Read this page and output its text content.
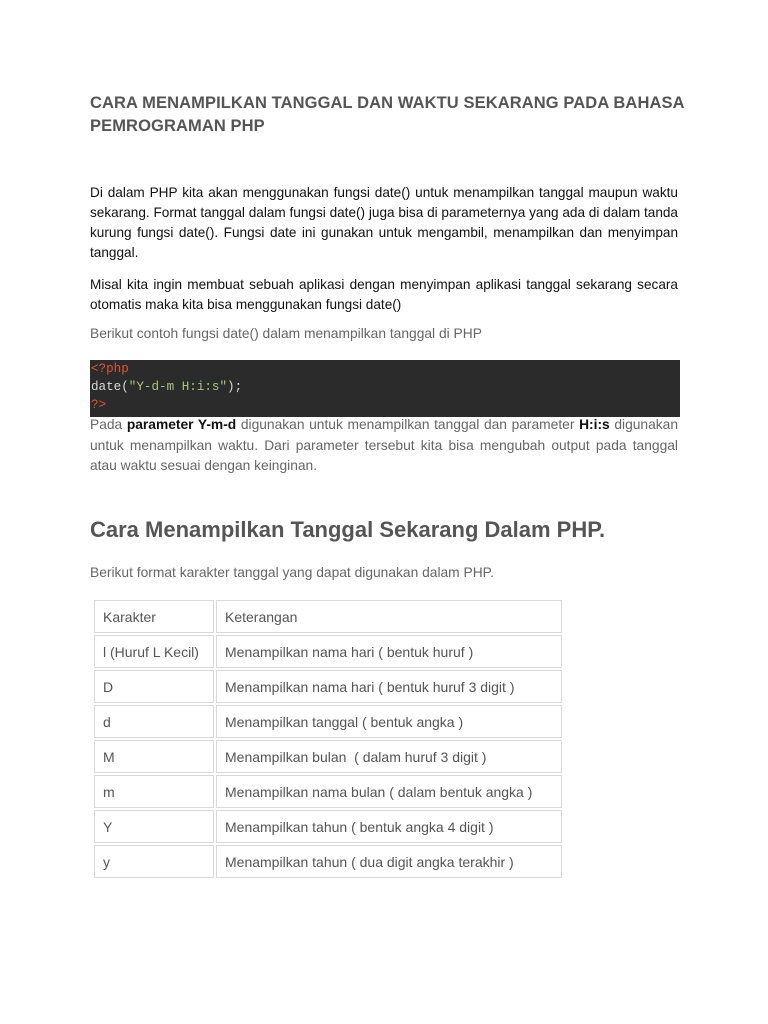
CARA MENAMPILKAN TANGGAL DAN WAKTU SEKARANG PADA BAHASA PEMROGRAMAN PHP

Di dalam PHP kita akan menggunakan fungsi date() untuk menampilkan tanggal maupun waktu sekarang. Format tanggal dalam fungsi date() juga bisa di parameternya yang ada di dalam tanda kurung fungsi date(). Fungsi date ini gunakan untuk mengambil, menampilkan dan menyimpan tanggal.

Misal kita ingin membuat sebuah aplikasi dengan menyimpan aplikasi tanggal sekarang secara otomatis maka kita bisa menggunakan fungsi date()

Berikut contoh fungsi date() dalam menampilkan tanggal di PHP

<?php
date("Y-d-m H:i:s");
?>

Pada parameter Y-m-d digunakan untuk menampilkan tanggal dan parameter H:i:s digunakan untuk menampilkan waktu. Dari parameter tersebut kita bisa mengubah output pada tanggal atau waktu sesuai dengan keinginan.

Cara Menampilkan Tanggal Sekarang Dalam PHP.

Berikut format karakter tanggal yang dapat digunakan dalam PHP.

Karakter	Keterangan
l (Huruf L Kecil)	Menampilkan nama hari ( bentuk huruf )
D	Menampilkan nama hari ( bentuk huruf 3 digit )
d	Menampilkan tanggal ( bentuk angka )
M	Menampilkan bulan  ( dalam huruf 3 digit )
m	Menampilkan nama bulan ( dalam bentuk angka )
Y	Menampilkan tahun ( bentuk angka 4 digit )
y	Menampilkan tahun ( dua digit angka terakhir )
